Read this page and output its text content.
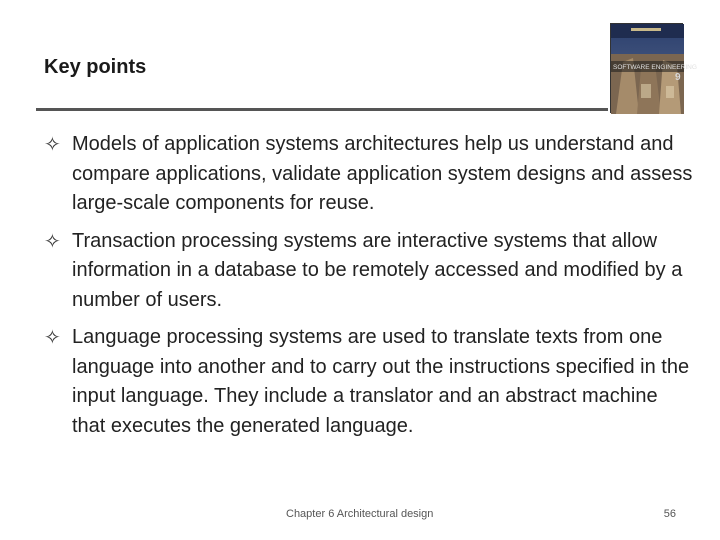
Key points	SOFTWARE ENGINEERING
9
✧ Models of application systems architectures help us understand and compare applications, validate application system designs and assess large-scale components for reuse.
✧ Transaction processing systems are interactive systems that allow information in a database to be remotely accessed and modified by a number of users.
✧ Language processing systems are used to translate texts from one language into another and to carry out the instructions specified in the input language. They include a translator and an abstract machine that executes the generated language.
Chapter 6 Architectural design	56
